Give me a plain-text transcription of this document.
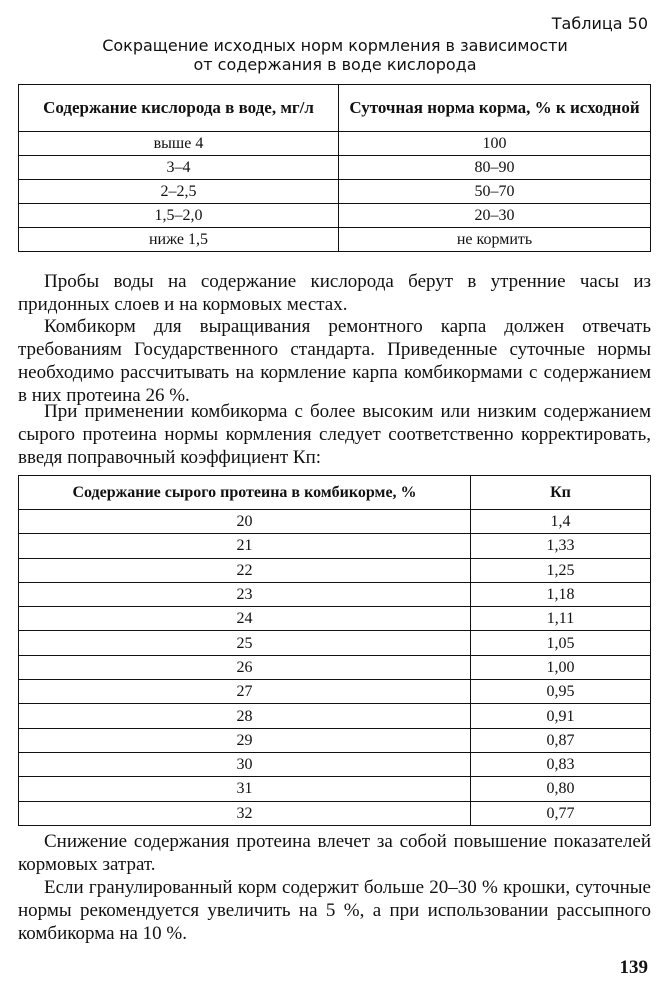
Таблица 50
Сокращение исходных норм кормления в зависимости
от содержания в воде кислорода
Содержание кислорода в воде, мг/л	Суточная норма корма, % к исходной
выше 4	100
3–4	80–90
2–2,5	50–70
1,5–2,0	20–30
ниже 1,5	не кормить

Пробы воды на содержание кислорода берут в утренние часы из придонных слоев и на кормовых местах.

Комбикорм для выращивания ремонтного карпа должен отвечать требованиям Государственного стандарта. Приведенные суточные нормы необходимо рассчитывать на кормление карпа комбикормами с содержанием в них протеина 26 %.

При применении комбикорма с более высоким или низким содержанием сырого протеина нормы кормления следует соответственно корректировать, введя поправочный коэффициент Кп:

Содержание сырого протеина в комбикорме, %	Кп
20	1,4
21	1,33
22	1,25
23	1,18
24	1,11
25	1,05
26	1,00
27	0,95
28	0,91
29	0,87
30	0,83
31	0,80
32	0,77

Снижение содержания протеина влечет за собой повышение показателей кормовых затрат.

Если гранулированный корм содержит больше 20–30 % крошки, суточные нормы рекомендуется увеличить на 5 %, а при использовании рассыпного комбикорма на 10 %.

139
